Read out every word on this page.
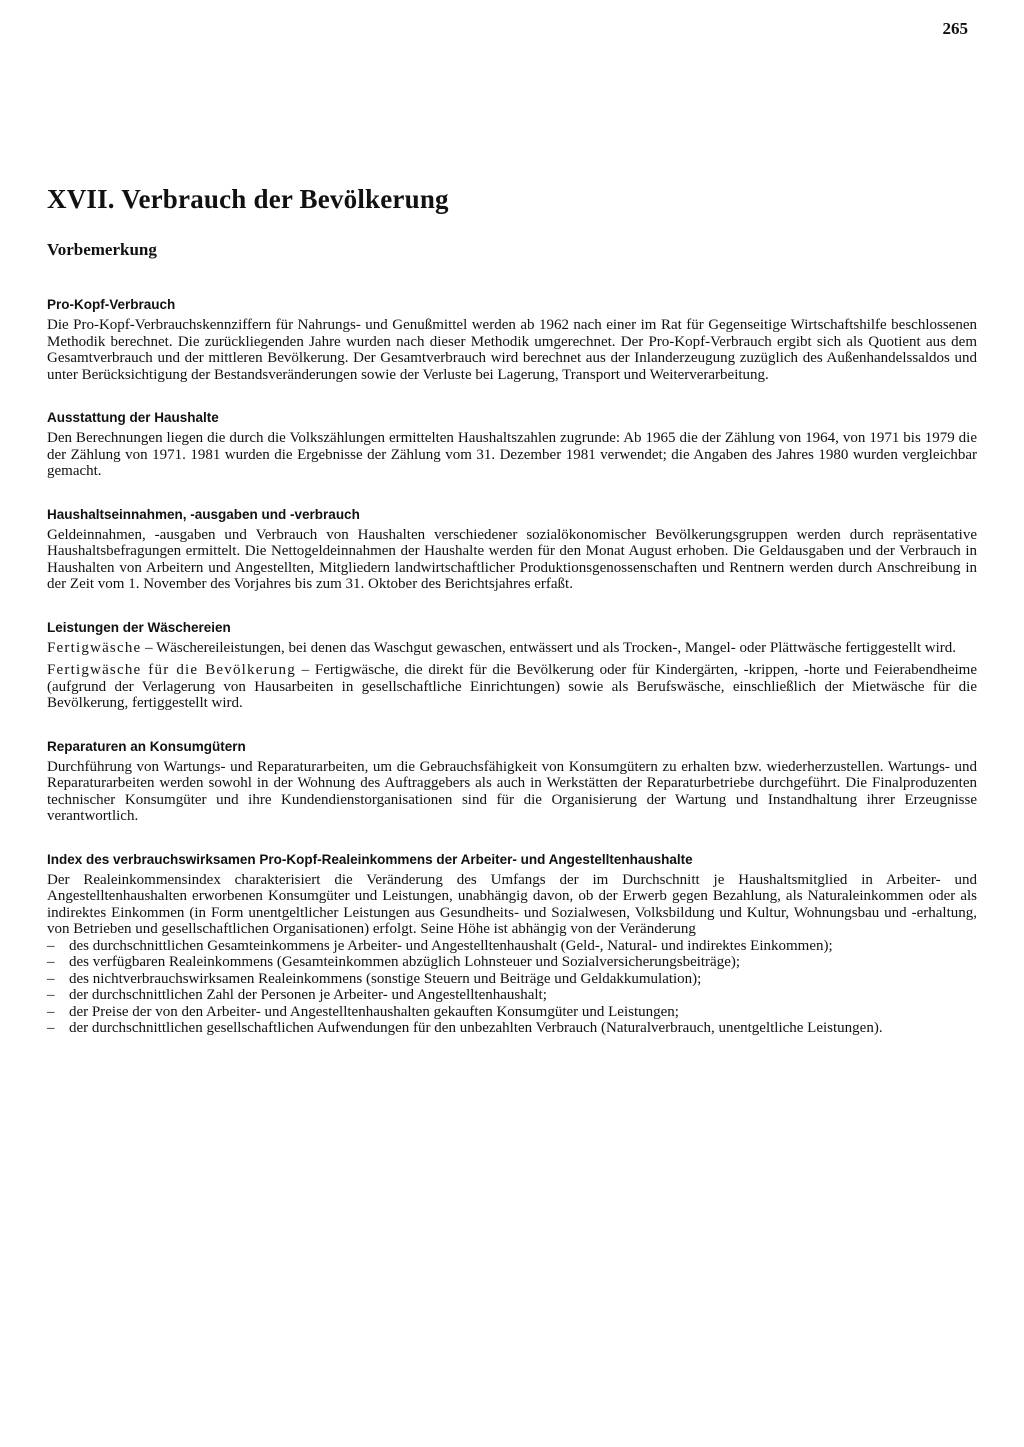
265
XVII. Verbrauch der Bevölkerung
Vorbemerkung
Pro-Kopf-Verbrauch

Die Pro-Kopf-Verbrauchskennziffern für Nahrungs- und Genußmittel werden ab 1962 nach einer im Rat für Gegenseitige Wirtschaftshilfe beschlossenen Methodik berechnet. Die zurückliegenden Jahre wurden nach dieser Methodik umgerechnet. Der Pro-Kopf-Verbrauch ergibt sich als Quotient aus dem Gesamtverbrauch und der mittleren Bevölkerung. Der Gesamtverbrauch wird berechnet aus der Inlanderzeugung zuzüglich des Außenhandelssaldos und unter Berücksichtigung der Bestandsveränderungen sowie der Verluste bei Lagerung, Transport und Weiterverarbeitung.

Ausstattung der Haushalte

Den Berechnungen liegen die durch die Volkszählungen ermittelten Haushaltszahlen zugrunde: Ab 1965 die der Zählung von 1964, von 1971 bis 1979 die der Zählung von 1971. 1981 wurden die Ergebnisse der Zählung vom 31. Dezember 1981 verwendet; die Angaben des Jahres 1980 wurden vergleichbar gemacht.

Haushaltseinnahmen, -ausgaben und -verbrauch

Geldeinnahmen, -ausgaben und Verbrauch von Haushalten verschiedener sozialökonomischer Bevölkerungsgruppen werden durch repräsentative Haushaltsbefragungen ermittelt. Die Nettogeldeinnahmen der Haushalte werden für den Monat August erhoben. Die Geldausgaben und der Verbrauch in Haushalten von Arbeitern und Angestellten, Mitgliedern landwirtschaftlicher Produktionsgenossenschaften und Rentnern werden durch Anschreibung in der Zeit vom 1. November des Vorjahres bis zum 31. Oktober des Berichtsjahres erfaßt.

Leistungen der Wäschereien

Fertigwäsche – Wäschereileistungen, bei denen das Waschgut gewaschen, entwässert und als Trocken-, Mangel- oder Plättwäsche fertiggestellt wird.

Fertigwäsche für die Bevölkerung – Fertigwäsche, die direkt für die Bevölkerung oder für Kindergärten, -krippen, -horte und Feierabendheime (aufgrund der Verlagerung von Hausarbeiten in gesellschaftliche Einrichtungen) sowie als Berufswäsche, einschließlich der Mietwäsche für die Bevölkerung, fertiggestellt wird.

Reparaturen an Konsumgütern

Durchführung von Wartungs- und Reparaturarbeiten, um die Gebrauchsfähigkeit von Konsumgütern zu erhalten bzw. wiederherzustellen. Wartungs- und Reparaturarbeiten werden sowohl in der Wohnung des Auftraggebers als auch in Werkstätten der Reparaturbetriebe durchgeführt. Die Finalproduzenten technischer Konsumgüter und ihre Kundendienstorganisationen sind für die Organisierung der Wartung und Instandhaltung ihrer Erzeugnisse verantwortlich.

Index des verbrauchswirksamen Pro-Kopf-Realeinkommens der Arbeiter- und Angestelltenhaushalte

Der Realeinkommensindex charakterisiert die Veränderung des Umfangs der im Durchschnitt je Haushaltsmitglied in Arbeiter- und Angestelltenhaushalten erworbenen Konsumgüter und Leistungen, unabhängig davon, ob der Erwerb gegen Bezahlung, als Naturaleinkommen oder als indirektes Einkommen (in Form unentgeltlicher Leistungen aus Gesundheits- und Sozialwesen, Volksbildung und Kultur, Wohnungsbau und -erhaltung, von Betrieben und gesellschaftlichen Organisationen) erfolgt. Seine Höhe ist abhängig von der Veränderung

– des durchschnittlichen Gesamteinkommens je Arbeiter- und Angestelltenhaushalt (Geld-, Natural- und indirektes Einkommen);
– des verfügbaren Realeinkommens (Gesamteinkommen abzüglich Lohnsteuer und Sozialversicherungsbeiträge);
– des nichtverbrauchswirksamen Realeinkommens (sonstige Steuern und Beiträge und Geldakkumulation);
– der durchschnittlichen Zahl der Personen je Arbeiter- und Angestelltenhaushalt;
– der Preise der von den Arbeiter- und Angestelltenhaushalten gekauften Konsumgüter und Leistungen;
– der durchschnittlichen gesellschaftlichen Aufwendungen für den unbezahlten Verbrauch (Naturalverbrauch, unentgeltliche Leistungen).
